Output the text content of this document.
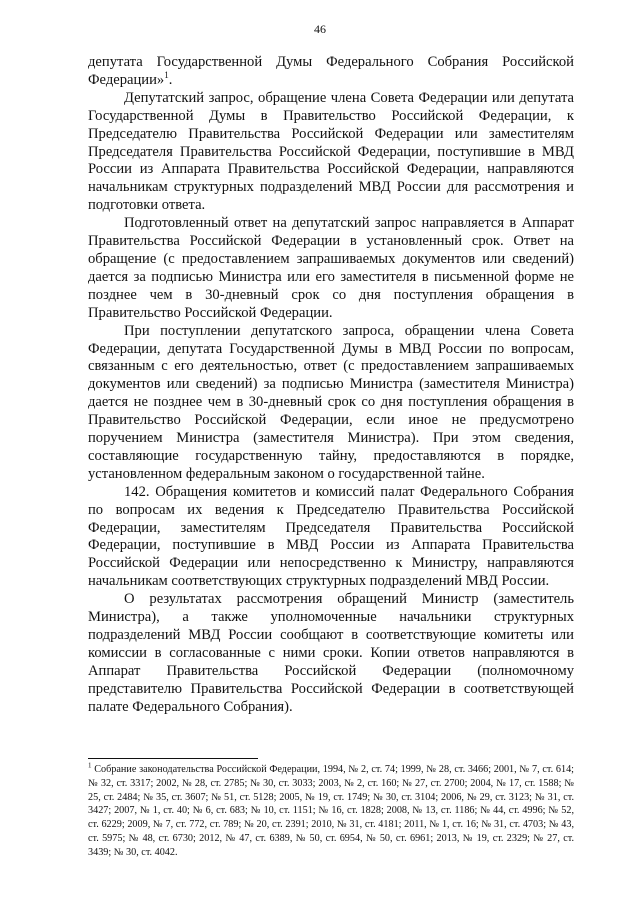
46

депутата Государственной Думы Федерального Собрания Российской Федерации»$^1$.

Депутатский запрос, обращение члена Совета Федерации или депутата Государственной Думы в Правительство Российской Федерации, к Председателю Правительства Российской Федерации или заместителям Председателя Правительства Российской Федерации, поступившие в МВД России из Аппарата Правительства Российской Федерации, направляются начальникам структурных подразделений МВД России для рассмотрения и подготовки ответа.

Подготовленный ответ на депутатский запрос направляется в Аппарат Правительства Российской Федерации в установленный срок. Ответ на обращение (с предоставлением запрашиваемых документов или сведений) дается за подписью Министра или его заместителя в письменной форме не позднее чем в 30-дневный срок со дня поступления обращения в Правительство Российской Федерации.

При поступлении депутатского запроса, обращении члена Совета Федерации, депутата Государственной Думы в МВД России по вопросам, связанным с его деятельностью, ответ (с предоставлением запрашиваемых документов или сведений) за подписью Министра (заместителя Министра) дается не позднее чем в 30-дневный срок со дня поступления обращения в Правительство Российской Федерации, если иное не предусмотрено поручением Министра (заместителя Министра). При этом сведения, составляющие государственную тайну, предоставляются в порядке, установленном федеральным законом о государственной тайне.

142. Обращения комитетов и комиссий палат Федерального Собрания по вопросам их ведения к Председателю Правительства Российской Федерации, заместителям Председателя Правительства Российской Федерации, поступившие в МВД России из Аппарата Правительства Российской Федерации или непосредственно к Министру, направляются начальникам соответствующих структурных подразделений МВД России.

О результатах рассмотрения обращений Министр (заместитель Министра), а также уполномоченные начальники структурных подразделений МВД России сообщают в соответствующие комитеты или комиссии в согласованные с ними сроки. Копии ответов направляются в Аппарат Правительства Российской Федерации (полномочному представителю Правительства Российской Федерации в соответствующей палате Федерального Собрания).

$^1$ Собрание законодательства Российской Федерации, 1994, № 2, ст. 74; 1999, № 28, ст. 3466; 2001, № 7, ст. 614; № 32, ст. 3317; 2002, № 28, ст. 2785; № 30, ст. 3033; 2003, № 2, ст. 160; № 27, ст. 2700; 2004, № 17, ст. 1588; № 25, ст. 2484; № 35, ст. 3607; № 51, ст. 5128; 2005, № 19, ст. 1749; № 30, ст. 3104; 2006, № 29, ст. 3123; № 31, ст. 3427; 2007, № 1, ст. 40; № 6, ст. 683; № 10, ст. 1151; № 16, ст. 1828; 2008, № 13, ст. 1186; № 44, ст. 4996; № 52, ст. 6229; 2009, № 7, ст. 772, ст. 789; № 20, ст. 2391; 2010, № 31, ст. 4181; 2011, № 1, ст. 16; № 31, ст. 4703; № 43, ст. 5975; № 48, ст. 6730; 2012, № 47, ст. 6389, № 50, ст. 6954, № 50, ст. 6961; 2013, № 19, ст. 2329; № 27, ст. 3439; № 30, ст. 4042.
